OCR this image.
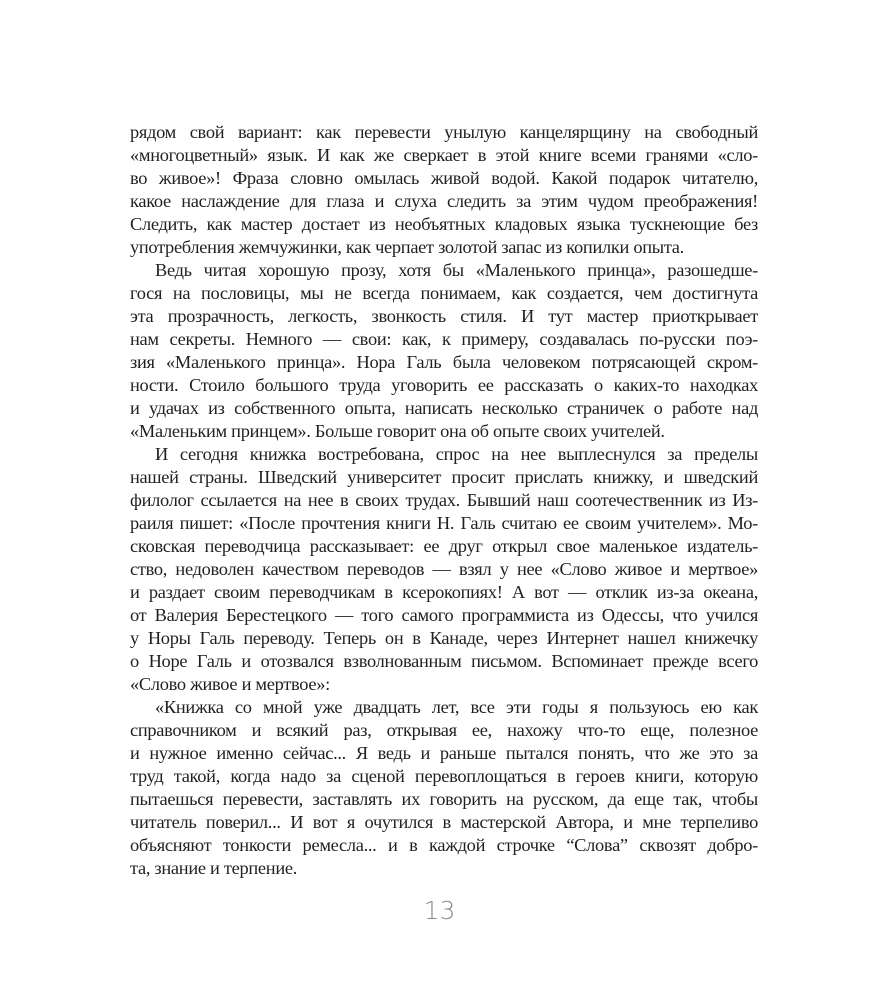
рядом свой вариант: как перевести унылую канцелярщину на свободный
«многоцветный» язык. И как же сверкает в этой книге всеми гранями «сло-
во живое»! Фраза словно омылась живой водой. Какой подарок читателю,
какое наслаждение для глаза и слуха следить за этим чудом преображения!
Следить, как мастер достает из необъятных кладовых языка тускнеющие без
употребления жемчужинки, как черпает золотой запас из копилки опыта.
Ведь читая хорошую прозу, хотя бы «Маленького принца», разошедше-
гося на пословицы, мы не всегда понимаем, как создается, чем достигнута
эта прозрачность, легкость, звонкость стиля. И тут мастер приоткрывает
нам секреты. Немного — свои: как, к примеру, создавалась по-русски поэ-
зия «Маленького принца». Нора Галь была человеком потрясающей скром-
ности. Стоило большого труда уговорить ее рассказать о каких-то находках
и удачах из собственного опыта, написать несколько страничек о работе над
«Маленьким принцем». Больше говорит она об опыте своих учителей.
И сегодня книжка востребована, спрос на нее выплеснулся за пределы
нашей страны. Шведский университет просит прислать книжку, и шведский
филолог ссылается на нее в своих трудах. Бывший наш соотечественник из Из-
раиля пишет: «После прочтения книги Н. Галь считаю ее своим учителем». Мо-
сковская переводчица рассказывает: ее друг открыл свое маленькое издатель-
ство, недоволен качеством переводов — взял у нее «Слово живое и мертвое»
и раздает своим переводчикам в ксерокопиях! А вот — отклик из-за океана,
от Валерия Берестецкого — того самого программиста из Одессы, что учился
у Норы Галь переводу. Теперь он в Канаде, через Интернет нашел книжечку
о Норе Галь и отозвался взволнованным письмом. Вспоминает прежде всего
«Слово живое и мертвое»:
«Книжка со мной уже двадцать лет, все эти годы я пользуюсь ею как
справочником и всякий раз, открывая ее, нахожу что-то еще, полезное
и нужное именно сейчас... Я ведь и раньше пытался понять, что же это за
труд такой, когда надо за сценой перевоплощаться в героев книги, которую
пытаешься перевести, заставлять их говорить на русском, да еще так, чтобы
читатель поверил... И вот я очутился в мастерской Автора, и мне терпеливо
объясняют тонкости ремесла... и в каждой строчке “Слова” сквозят добро-
та, знание и терпение.
13
